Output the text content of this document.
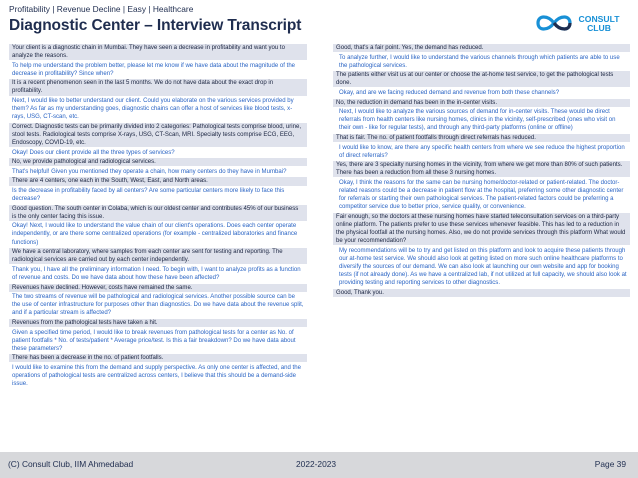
Profitability | Revenue Decline | Easy | Healthcare
Diagnostic Center – Interview Transcript	CONSULT
CLUB
Your client is a diagnostic chain in Mumbai. They have seen a decrease in profitability and want you to analyze the reasons.
To help me understand the problem better, please let me know if we have data about the magnitude of the decrease in profitability? Since when?
It is a recent phenomenon seen in the last 5 months. We do not have data about the exact drop in profitability.
Next, I would like to better understand our client. Could you elaborate on the various services provided by them? As far as my understanding goes, diagnostic chains can offer a host of services like blood tests, x-rays, USG, CT-scan, etc.
Correct. Diagnostic tests can be primarily divided into 2 categories: Pathological tests comprise blood, urine, stool tests. Radiological tests comprise X-rays, USG, CT-Scan, MRI. Specialty tests comprise ECG, EEG, Endoscopy, COVID-19, etc.
Okay! Does our client provide all the three types of services?
No, we provide pathological and radiological services.
That's helpful! Given you mentioned they operate a chain, how many centers do they have in Mumbai?
There are 4 centers, one each in the South, West, East, and North areas.
Is the decrease in profitability faced by all centers? Are some particular centers more likely to face this decrease?
Good question. The south center in Colaba, which is our oldest center and contributes 45% of our business is the only center facing this issue.
Okay! Next, I would like to understand the value chain of our client's operations. Does each center operate independently, or are there some centralized operations (for example - centralized laboratories and finance functions)
We have a central laboratory, where samples from each center are sent for testing and reporting. The radiological services are carried out by each center independently.
Thank you, I have all the preliminary information I need. To begin with, I want to analyze profits as a function of revenue and costs. Do we have data about how these have been affected?
Revenues have declined. However, costs have remained the same.
The two streams of revenue will be pathological and radiological services. Another possible source can be the use of center infrastructure for purposes other than diagnostics. Do we have data about the revenue split, and if a particular stream is affected?
Revenues from the pathological tests have taken a hit.
Given a specified time period, I would like to break revenues from pathological tests for a center as No. of patient footfalls * No. of tests/patient * Average price/test. Is this a fair breakdown? Do we have data about these parameters?
There has been a decrease in the no. of patient footfalls.
I would like to examine this from the demand and supply perspective. As only one center is affected, and the operations of pathological tests are centralized across centers, I believe that this should be a demand-side issue.
Good, that's a fair point. Yes, the demand has reduced.
To analyze further, I would like to understand the various channels through which patients are able to use the pathological services.
The patients either visit us at our center or choose the at-home test service, to get the pathological tests done.
Okay, and are we facing reduced demand and revenue from both these channels?
No, the reduction in demand has been in the in-center visits.
Next, I would like to analyze the various sources of demand for in-center visits. These would be direct referrals from health centers like nursing homes, clinics in the vicinity, self-prescribed (ones who visit on their own - like for regular tests), and through any third-party platforms (online or offline)
That is fair. The no. of patient footfalls through direct referrals has reduced.
I would like to know, are there any specific health centers from where we see reduce the highest proportion of direct referrals?
Yes, there are 3 specialty nursing homes in the vicinity, from where we get more than 80% of such patients. There has been a reduction from all these 3 nursing homes.
Okay, I think the reasons for the same can be nursing home/doctor-related or patient-related. The doctor-related reasons could be a decrease in patient flow at the hospital, preferring some other diagnostic center for referrals or starting their own pathological services. The patient-related factors could be preferring a competitor service due to better price, service quality, or convenience.
Fair enough, so the doctors at these nursing homes have started teleconsultation services on a third-party online platform. The patients prefer to use these services whenever feasible. This has led to a reduction in the physical footfall at the nursing homes. Also, we do not provide services through this platform What would be your recommendation?
My recommendations will be to try and get listed on this platform and look to acquire these patients through our at-home test service. We should also look at getting listed on more such online healthcare platforms to diversify the sources of our demand. We can also look at launching our own website and app for booking tests (if not already done). As we have a centralized lab, if not utilized at full capacity, we should also look at providing testing and reporting services to other diagnostics.
Good, Thank you.
(C) Consult Club, IIM Ahmedabad	2022-2023	Page 39
